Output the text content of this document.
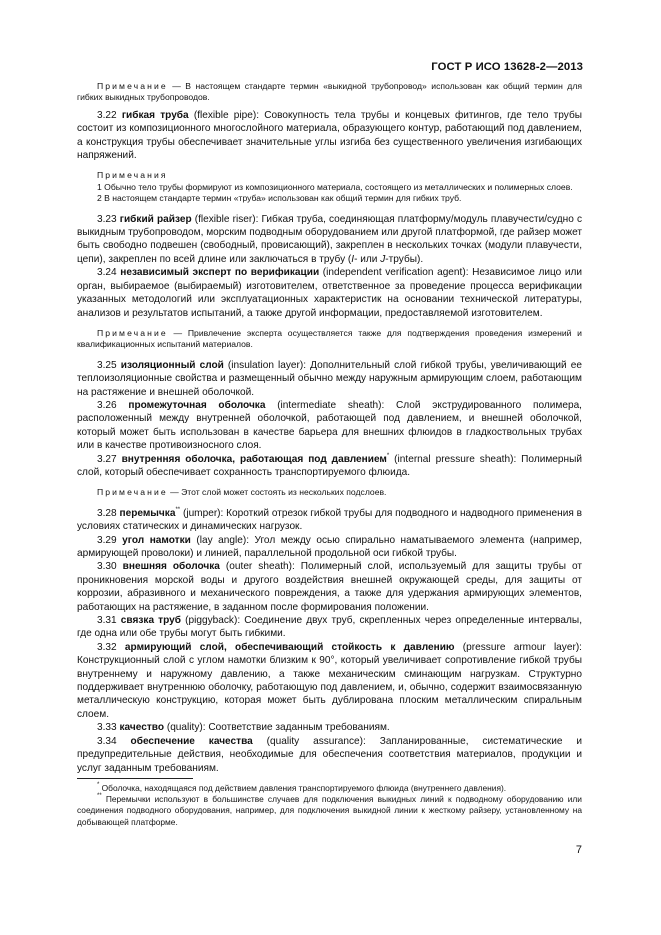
ГОСТ Р ИСО 13628-2—2013

Примечание — В настоящем стандарте термин «выкидной трубопровод» использован как общий термин для гибких выкидных трубопроводов.

3.22 гибкая труба (flexible pipe): Совокупность тела трубы и концевых фитингов, где тело трубы состоит из композиционного многослойного материала, образующего контур, работающий под давлением, а конструкция трубы обеспечивает значительные углы изгиба без существенного увеличения изгибающих напряжений.

Примечания

1 Обычно тело трубы формируют из композиционного материала, состоящего из металлических и полимерных слоев.

2 В настоящем стандарте термин «труба» использован как общий термин для гибких труб.

3.23 гибкий райзер (flexible riser): Гибкая труба, соединяющая платформу/модуль плавучести/судно с выкидным трубопроводом, морским подводным оборудованием или другой платформой, где райзер может быть свободно подвешен (свободный, провисающий), закреплен в нескольких точках (модули плавучести, цепи), закреплен по всей длине или заключаться в трубу (I- или J-трубы).

3.24 независимый эксперт по верификации (independent verification agent): Независимое лицо или орган, выбираемое (выбираемый) изготовителем, ответственное за проведение процесса верификации указанных методологий или эксплуатационных характеристик на основании технической литературы, анализов и результатов испытаний, а также другой информации, предоставляемой изготовителем.

Примечание — Привлечение эксперта осуществляется также для подтверждения проведения измерений и квалификационных испытаний материалов.

3.25 изоляционный слой (insulation layer): Дополнительный слой гибкой трубы, увеличивающий ее теплоизоляционные свойства и размещенный обычно между наружным армирующим слоем, работающим на растяжение и внешней оболочкой.

3.26 промежуточная оболочка (intermediate sheath): Слой экструдированного полимера, расположенный между внутренней оболочкой, работающей под давлением, и внешней оболочкой, который может быть использован в качестве барьера для внешних флюидов в гладкоствольных трубах или в качестве противоизносного слоя.

3.27 внутренняя оболочка, работающая под давлением* (internal pressure sheath): Полимерный слой, который обеспечивает сохранность транспортируемого флюида.

Примечание — Этот слой может состоять из нескольких подслоев.

3.28 перемычка** (jumper): Короткий отрезок гибкой трубы для подводного и надводного применения в условиях статических и динамических нагрузок.

3.29 угол намотки (lay angle): Угол между осью спирально наматываемого элемента (например, армирующей проволоки) и линией, параллельной продольной оси гибкой трубы.

3.30 внешняя оболочка (outer sheath): Полимерный слой, используемый для защиты трубы от проникновения морской воды и другого воздействия внешней окружающей среды, для защиты от коррозии, абразивного и механического повреждения, а также для удержания армирующих элементов, работающих на растяжение, в заданном после формирования положении.

3.31 связка труб (piggyback): Соединение двух труб, скрепленных через определенные интервалы, где одна или обе трубы могут быть гибкими.

3.32 армирующий слой, обеспечивающий стойкость к давлению (pressure armour layer): Конструкционный слой с углом намотки близким к 90°, который увеличивает сопротивление гибкой трубы внутреннему и наружному давлению, а также механическим сминающим нагрузкам. Структурно поддерживает внутреннюю оболочку, работающую под давлением, и, обычно, содержит взаимосвязанную металлическую конструкцию, которая может быть дублирована плоским металлическим спиральным слоем.

3.33 качество (quality): Соответствие заданным требованиям.

3.34 обеспечение качества (quality assurance): Запланированные, систематические и предупредительные действия, необходимые для обеспечения соответствия материалов, продукции и услуг заданным требованиям.

* Оболочка, находящаяся под действием давления транспортируемого флюида (внутреннего давления).

** Перемычки используют в большинстве случаев для подключения выкидных линий к подводному оборудованию или соединения подводного оборудования, например, для подключения выкидной линии к жесткому райзеру, установленному на добывающей платформе.

7
